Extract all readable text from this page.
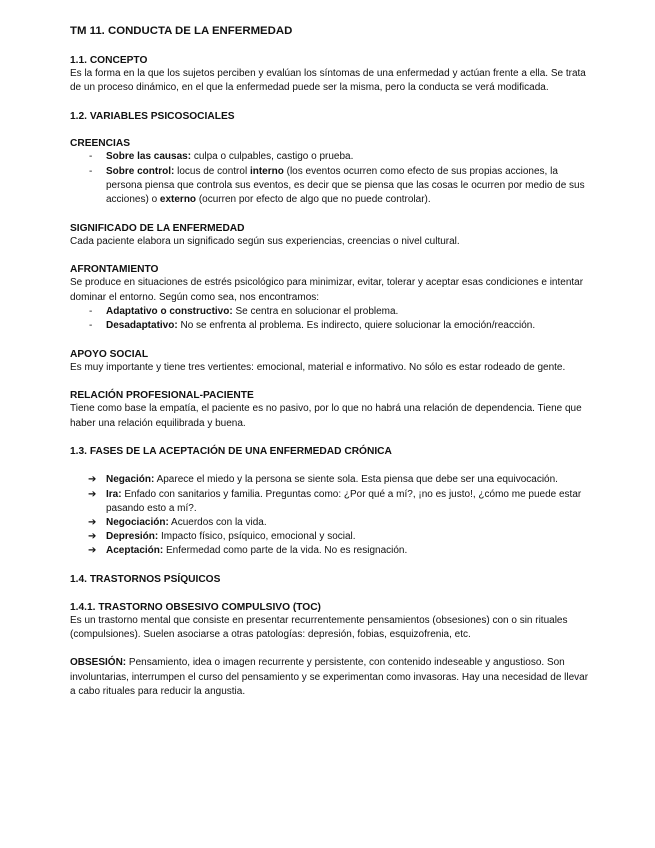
TM 11. CONDUCTA DE LA ENFERMEDAD
1.1. CONCEPTO

Es la forma en la que los sujetos perciben y evalúan los síntomas de una enfermedad y actúan frente a ella. Se trata de un proceso dinámico, en el que la enfermedad puede ser la misma, pero la conducta se verá modificada.

1.2. VARIABLES PSICOSOCIALES
CREENCIAS
- Sobre las causas: culpa o culpables, castigo o prueba.
- Sobre control: locus de control interno (los eventos ocurren como efecto de sus propias acciones, la persona piensa que controla sus eventos, es decir que se piensa que las cosas le ocurren por medio de sus acciones) o externo (ocurren por efecto de algo que no puede controlar).
SIGNIFICADO DE LA ENFERMEDAD

Cada paciente elabora un significado según sus experiencias, creencias o nivel cultural.

AFRONTAMIENTO

Se produce en situaciones de estrés psicológico para minimizar, evitar, tolerar y aceptar esas condiciones e intentar dominar el entorno. Según como sea, nos encontramos:

- Adaptativo o constructivo: Se centra en solucionar el problema.
- Desadaptativo: No se enfrenta al problema. Es indirecto, quiere solucionar la emoción/reacción.
APOYO SOCIAL

Es muy importante y tiene tres vertientes: emocional, material e informativo. No sólo es estar rodeado de gente.

RELACIÓN PROFESIONAL-PACIENTE

Tiene como base la empatía, el paciente es no pasivo, por lo que no habrá una relación de dependencia. Tiene que haber una relación equilibrada y buena.

1.3. FASES DE LA ACEPTACIÓN DE UNA ENFERMEDAD CRÓNICA
➔ Negación: Aparece el miedo y la persona se siente sola. Esta piensa que debe ser una equivocación.
➔ Ira: Enfado con sanitarios y familia. Preguntas como: ¿Por qué a mí?, ¡no es justo!, ¿cómo me puede estar pasando esto a mí?.
➔ Negociación: Acuerdos con la vida.
➔ Depresión: Impacto físico, psíquico, emocional y social.
➔ Aceptación: Enfermedad como parte de la vida. No es resignación.
1.4. TRASTORNOS PSÍQUICOS
1.4.1. TRASTORNO OBSESIVO COMPULSIVO (TOC)

Es un trastorno mental que consiste en presentar recurrentemente pensamientos (obsesiones) con o sin rituales (compulsiones). Suelen asociarse a otras patologías: depresión, fobias, esquizofrenia, etc.

OBSESIÓN: Pensamiento, idea o imagen recurrente y persistente, con contenido indeseable y angustioso. Son involuntarias, interrumpen el curso del pensamiento y se experimentan como invasoras. Hay una necesidad de llevar a cabo rituales para reducir la angustia.
